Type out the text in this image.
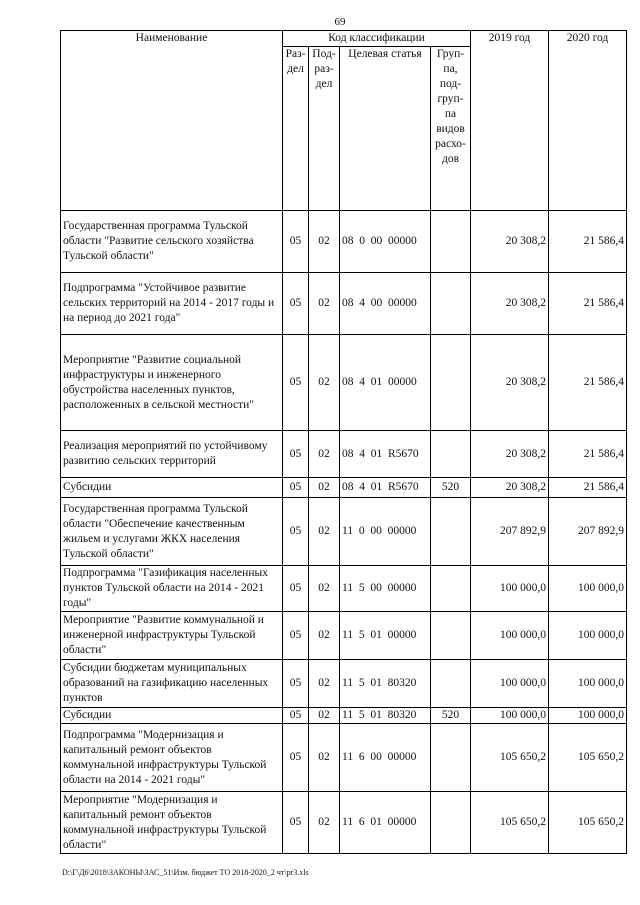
69
Наименование	Код классификации				2019 год	2020 год
	Раз- дел	Под- раз- дел	Целевая статья	Груп- па, под- груп- па видов расхо- дов		
Государственная программа Тульской области "Развитие сельского хозяйства Тульской области"	05	02	08  0  00  00000		20 308,2	21 586,4
Подпрограмма "Устойчивое развитие сельских территорий на 2014 - 2017 годы и на период до 2021 года"	05	02	08  4  00  00000		20 308,2	21 586,4
Мероприятие "Развитие социальной инфраструктуры и инженерного обустройства населенных пунктов, расположенных в сельской местности"	05	02	08  4  01  00000		20 308,2	21 586,4
Реализация мероприятий по устойчивому развитию сельских территорий	05	02	08  4  01  R5670		20 308,2	21 586,4
Субсидии	05	02	08  4  01  R5670	520	20 308,2	21 586,4
Государственная программа Тульской области "Обеспечение качественным жильем и услугами ЖКХ населения Тульской области"	05	02	11  0  00  00000		207 892,9	207 892,9
Подпрограмма "Газификация населенных пунктов Тульской области на 2014 - 2021 годы"	05	02	11  5  00  00000		100 000,0	100 000,0
Мероприятие "Развитие коммунальной и инженерной инфраструктуры Тульской области"	05	02	11  5  01  00000		100 000,0	100 000,0
Субсидии бюджетам муниципальных образований на газификацию населенных пунктов	05	02	11  5  01  80320		100 000,0	100 000,0
Субсидии	05	02	11  5  01  80320	520	100 000,0	100 000,0
Подпрограмма "Модернизация и капитальный ремонт объектов коммунальной инфраструктуры Тульской области на 2014 - 2021 годы"	05	02	11  6  00  00000		105 650,2	105 650,2
Мероприятие "Модернизация и капитальный ремонт объектов коммунальной инфраструктуры Тульской области"	05	02	11  6  01  00000		105 650,2	105 650,2
D:\Г\Д6\2018\ЗАКОНЫ\ЗАС_51\Изм. бюджет ТО 2018-2020_2 чт\pr3.xls
